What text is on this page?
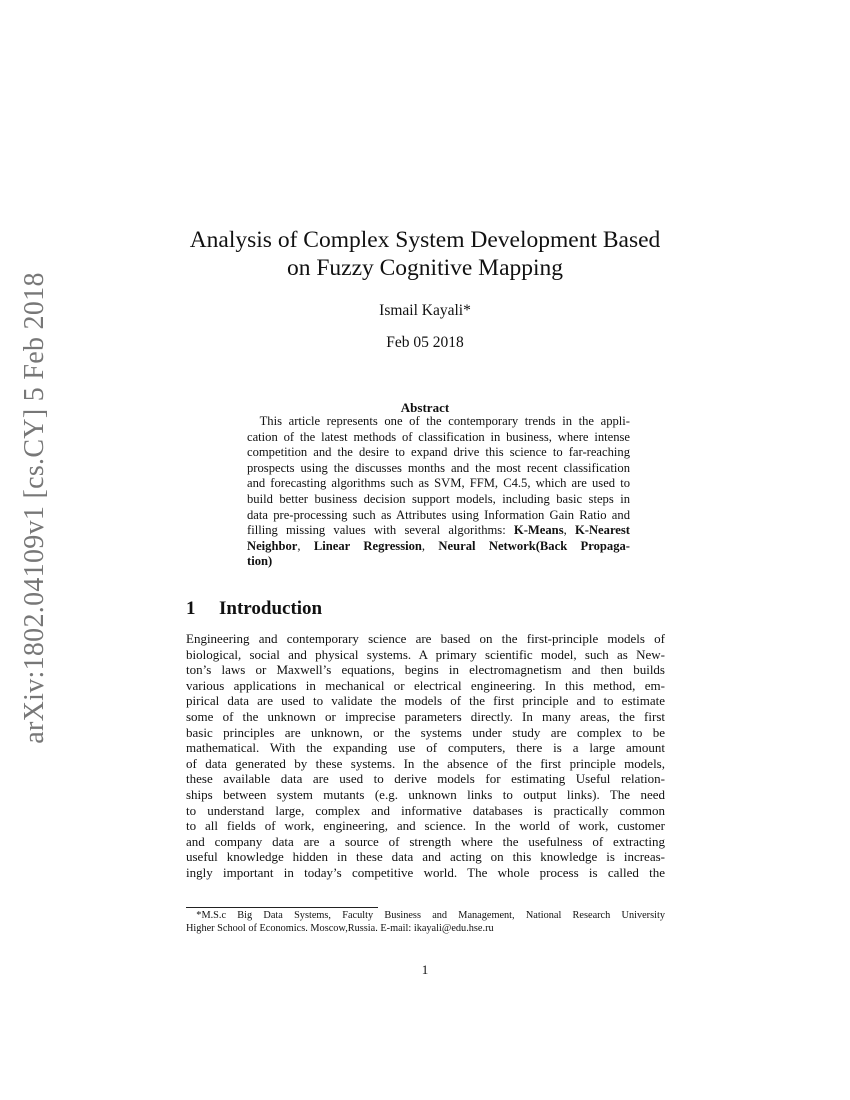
arXiv:1802.04109v1 [cs.CY] 5 Feb 2018
Analysis of Complex System Development Based
on Fuzzy Cognitive Mapping
Ismail Kayali*
Feb 05 2018
Abstract
 This article represents one of the contemporary trends in the appli-
cation of the latest methods of classification in business, where intense
competition and the desire to expand drive this science to far-reaching
prospects using the discusses months and the most recent classification
and forecasting algorithms such as SVM, FFM, C4.5, which are used to
build better business decision support models, including basic steps in
data pre-processing such as Attributes using Information Gain Ratio and
filling missing values with several algorithms: K-Means, K-Nearest
Neighbor, Linear Regression, Neural Network(Back Propaga-
tion)
1 Introduction
Engineering and contemporary science are based on the first-principle models of
biological, social and physical systems. A primary scientific model, such as New-
ton’s laws or Maxwell’s equations, begins in electromagnetism and then builds
various applications in mechanical or electrical engineering. In this method, em-
pirical data are used to validate the models of the first principle and to estimate
some of the unknown or imprecise parameters directly. In many areas, the first
basic principles are unknown, or the systems under study are complex to be
mathematical. With the expanding use of computers, there is a large amount
of data generated by these systems. In the absence of the first principle models,
these available data are used to derive models for estimating Useful relation-
ships between system mutants (e.g. unknown links to output links). The need
to understand large, complex and informative databases is practically common
to all fields of work, engineering, and science. In the world of work, customer
and company data are a source of strength where the usefulness of extracting
useful knowledge hidden in these data and acting on this knowledge is increas-
ingly important in today’s competitive world. The whole process is called the
 *M.S.c Big Data Systems, Faculty Business and Management, National Research University
Higher School of Economics. Moscow,Russia. E-mail: ikayali@edu.hse.ru
1
